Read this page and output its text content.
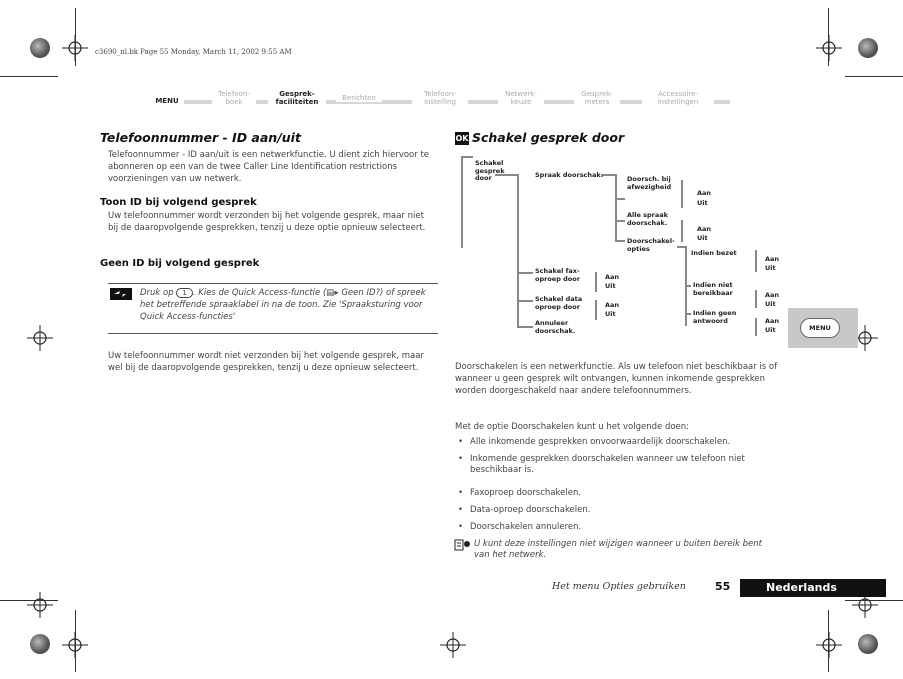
c3690_nl.bk Page 55 Monday, March 11, 2002 9:55 AM
MENU
Telefoon-
boek
Gesprek-
faciliteiten	Berichten	Telefoon-
instelling
Netwerk-
keuze
Gesprek-
meters
Accessoire-
instellingen
Telefoonnummer - ID aan/uit

Telefoonnummer - ID aan/uit is een netwerkfunctie. U dient zich hiervoor te abonneren op een van de twee Caller Line Identification restrictions voorzieningen van uw netwerk.

Toon ID bij volgend gesprek

Uw telefoonnummer wordt verzonden bij het volgende gesprek, maar niet bij de daaropvolgende gesprekken, tenzij u deze optie opnieuw selecteert.

Geen ID bij volgend gesprek
Druk op 1 . Kies de Quick Access-functie (▤▸ Geen ID?) of spreek het betreffende spraaklabel in na de toon. Zie 'Spraaksturing voor Quick Access-functies'

Uw telefoonnummer wordt niet verzonden bij het volgende gesprek, maar wel bij de daaropvolgende gesprekken, tenzij u deze opnieuw selecteert.

OK Schakel gesprek door
Schakel
gesprek
door	Spraak doorschak.	Doorsch. bij
afwezigheid
Aan
Uit
Alle spraak
doorschak.
Aan
Uit
Doorschakel-
opties
Indien bezet
Aan
Uit
Indien niet
bereikbaar	Aan
Uit
Indien geen
antwoord	Aan
Uit
Schakel fax-
oproep door	Aan
Uit
Schakel data
oproep door	Aan
Uit
Annuleer
doorschak.

Doorschakelen is een netwerkfunctie. Als uw telefoon niet beschikbaar is of wanneer u geen gesprek wilt ontvangen, kunnen inkomende gesprekken worden doorgeschakeld naar andere telefoonnummers.

Met de optie Doorschakelen kunt u het volgende doen:

• Alle inkomende gesprekken onvoorwaardelijk doorschakelen.
• Inkomende gesprekken doorschakelen wanneer uw telefoon niet beschikbaar is.
• Faxoproep doorschakelen.
• Data-oproep doorschakelen.
• Doorschakelen annuleren.

U kunt deze instellingen niet wijzigen wanneer u buiten bereik bent van het netwerk.

MENU
Het menu Opties gebruiken	55	Nederlands
